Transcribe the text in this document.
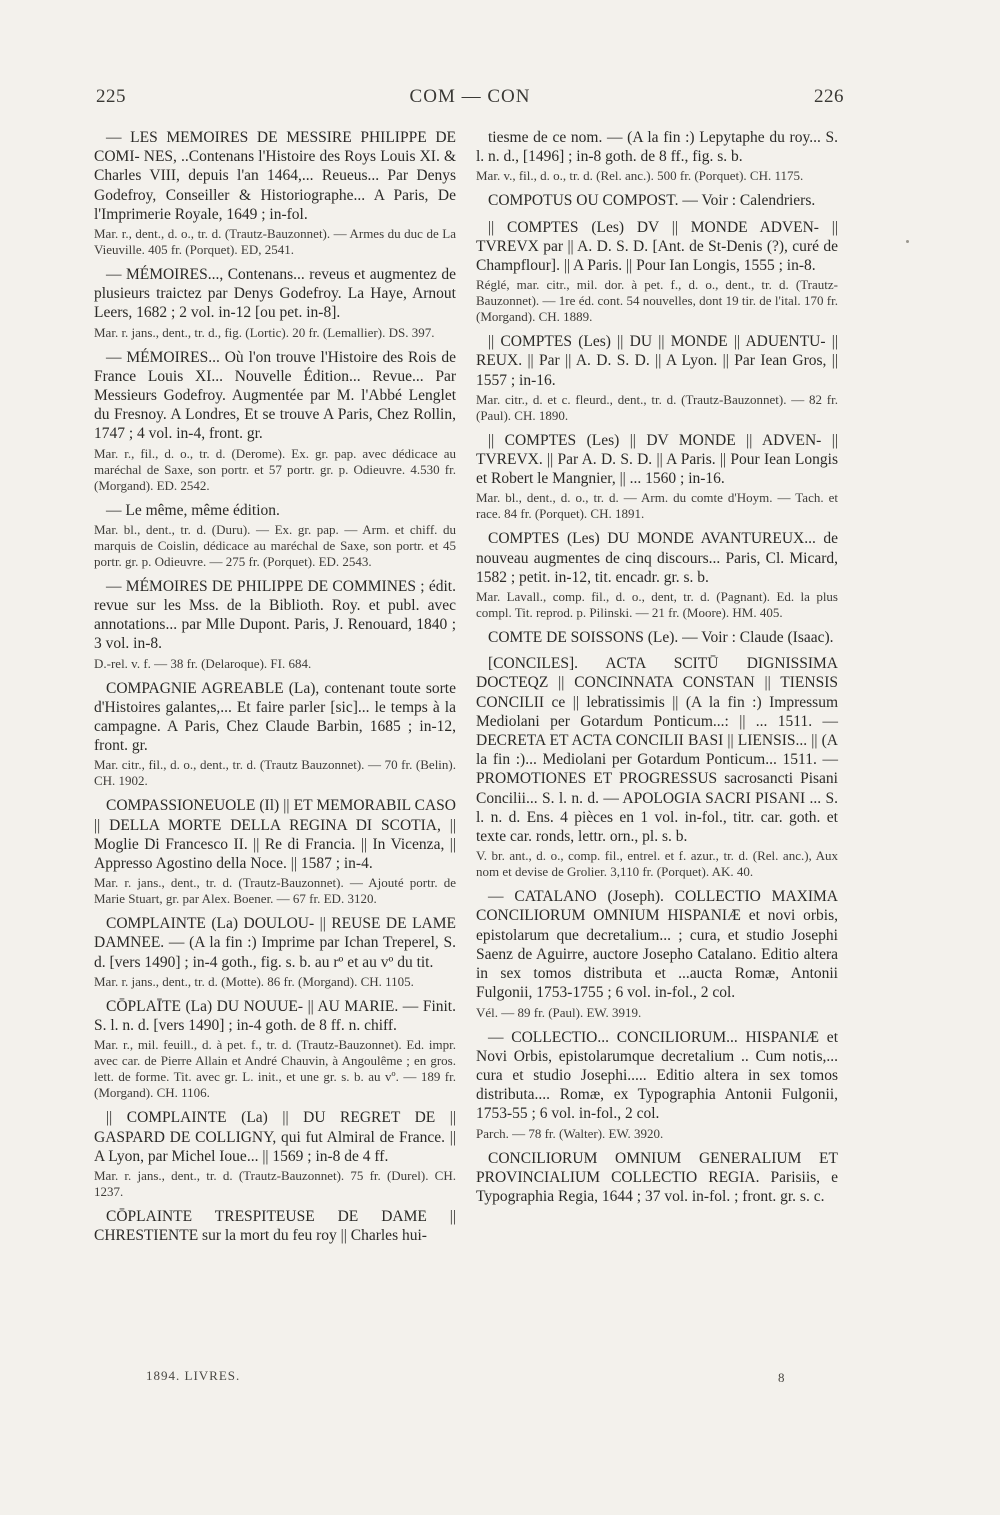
225	COM — CON	226

— LES MEMOIRES DE MESSIRE PHILIPPE DE COMI- NES, ..Contenans l'Histoire des Roys Louis XI. & Charles VIII, depuis l'an 1464,... Reueus... Par Denys Godefroy, Conseiller & Historiographe... A Paris, De l'Imprimerie Royale, 1649 ; in-fol.
Mar. r., dent., d. o., tr. d. (Trautz-Bauzonnet). — Armes du duc de La Vieuville. 405 fr. (Porquet). ED, 2541.

— MÉMOIRES..., Contenans... reveus et augmentez de plusieurs traictez par Denys Godefroy. La Haye, Arnout Leers, 1682 ; 2 vol. in-12 [ou pet. in-8].
Mar. r. jans., dent., tr. d., fig. (Lortic). 20 fr. (Lemallier). DS. 397.

— MÉMOIRES... Où l'on trouve l'Histoire des Rois de France Louis XI... Nouvelle Édition... Revue... Par Messieurs Godefroy. Augmentée par M. l'Abbé Lenglet du Fresnoy. A Londres, Et se trouve A Paris, Chez Rollin, 1747 ; 4 vol. in-4, front. gr.
Mar. r., fil., d. o., tr. d. (Derome). Ex. gr. pap. avec dédicace au maréchal de Saxe, son portr. et 57 portr. gr. p. Odieuvre. 4.530 fr. (Morgand). ED. 2542.

— Le même, même édition.
Mar. bl., dent., tr. d. (Duru). — Ex. gr. pap. — Arm. et chiff. du marquis de Coislin, dédicace au maréchal de Saxe, son portr. et 45 portr. gr. p. Odieuvre. — 275 fr. (Porquet). ED. 2543.

— MÉMOIRES DE PHILIPPE DE COMMINES ; édit. revue sur les Mss. de la Biblioth. Roy. et publ. avec annotations... par Mlle Dupont. Paris, J. Renouard, 1840 ; 3 vol. in-8.
D.-rel. v. f. — 38 fr. (Delaroque). FI. 684.

COMPAGNIE AGREABLE (La), contenant toute sorte d'Histoires galantes,... Et faire parler [sic]... le temps à la campagne. A Paris, Chez Claude Barbin, 1685 ; in-12, front. gr.
Mar. citr., fil., d. o., dent., tr. d. (Trautz Bauzonnet). — 70 fr. (Belin). CH. 1902.

COMPASSIONEUOLE (Il) || ET MEMORABIL CASO || DELLA MORTE DELLA REGINA DI SCOTIA, || Moglie Di Francesco II. || Re di Francia. || In Vicenza, || Appresso Agostino della Noce. || 1587 ; in-4.
Mar. r. jans., dent., tr. d. (Trautz-Bauzonnet). — Ajouté portr. de Marie Stuart, gr. par Alex. Boener. — 67 fr. ED. 3120.

COMPLAINTE (La) DOULOU- || REUSE DE LAME DAMNEE. — (A la fin :) Imprime par Ichan Treperel, S. d. [vers 1490] ; in-4 goth., fig. s. b. au rº et au vº du tit.
Mar. r. jans., dent., tr. d. (Motte). 86 fr. (Morgand). CH. 1105.

CŌPLAĪTE (La) DU NOUUE- || AU MARIE. — Finit. S. l. n. d. [vers 1490] ; in-4 goth. de 8 ff. n. chiff.
Mar. r., mil. feuill., d. à pet. f., tr. d. (Trautz-Bauzonnet). Ed. impr. avec car. de Pierre Allain et André Chauvin, à Angoulême ; en gros. lett. de forme. Tit. avec gr. L. init., et une gr. s. b. au vº. — 189 fr. (Morgand). CH. 1106.

|| COMPLAINTE (La) || DU REGRET DE || GASPARD DE COLLIGNY, qui fut Almiral de France. || A Lyon, par Michel Ioue... || 1569 ; in-8 de 4 ff.
Mar. r. jans., dent., tr. d. (Trautz-Bauzonnet). 75 fr. (Durel). CH. 1237.

CŌPLAINTE TRESPITEUSE DE DAME || CHRESTIENTE sur la mort du feu roy || Charles hui-

tiesme de ce nom. — (A la fin :) Lepytaphe du roy... S. l. n. d., [1496] ; in-8 goth. de 8 ff., fig. s. b.
Mar. v., fil., d. o., tr. d. (Rel. anc.). 500 fr. (Porquet). CH. 1175.

COMPOTUS OU COMPOST. — Voir : Calendriers.

|| COMPTES (Les) DV || MONDE ADVEN- || TVREVX par || A. D. S. D. [Ant. de St-Denis (?), curé de Champflour]. || A Paris. || Pour Ian Longis, 1555 ; in-8.
Réglé, mar. citr., mil. dor. à pet. f., d. o., dent., tr. d. (Trautz-Bauzonnet). — 1re éd. cont. 54 nouvelles, dont 19 tir. de l'ital. 170 fr. (Morgand). CH. 1889.

|| COMPTES (Les) || DU || MONDE || ADUENTU- || REUX. || Par || A. D. S. D. || A Lyon. || Par Iean Gros, || 1557 ; in-16.
Mar. citr., d. et c. fleurd., dent., tr. d. (Trautz-Bauzonnet). — 82 fr. (Paul). CH. 1890.

|| COMPTES (Les) || DV MONDE || ADVEN- || TVREVX. || Par A. D. S. D. || A Paris. || Pour Iean Longis et Robert le Mangnier, || ... 1560 ; in-16.
Mar. bl., dent., d. o., tr. d. — Arm. du comte d'Hoym. — Tach. et race. 84 fr. (Porquet). CH. 1891.

COMPTES (Les) DU MONDE AVANTUREUX... de nouveau augmentes de cinq discours... Paris, Cl. Micard, 1582 ; petit. in-12, tit. encadr. gr. s. b.
Mar. Lavall., comp. fil., d. o., dent, tr. d. (Pagnant). Ed. la plus compl. Tit. reprod. p. Pilinski. — 21 fr. (Moore). HM. 405.

COMTE DE SOISSONS (Le). — Voir : Claude (Isaac).

[CONCILES]. ACTA SCITŪ DIGNISSIMA DOCTEQZ || CONCINNATA CONSTAN || TIENSIS CONCILII ce || lebratissimis || (A la fin :) Impressum Mediolani per Gotardum Ponticum...: || ... 1511. — DECRETA ET ACTA CONCILII BASI || LIENSIS... || (A la fin :)... Mediolani per Gotardum Ponticum... 1511. — PROMOTIONES ET PROGRESSUS sacrosancti Pisani Concilii... S. l. n. d. — APOLOGIA SACRI PISANI ... S. l. n. d. Ens. 4 pièces en 1 vol. in-fol., titr. car. goth. et texte car. ronds, lettr. orn., pl. s. b.
V. br. ant., d. o., comp. fil., entrel. et f. azur., tr. d. (Rel. anc.), Aux nom et devise de Grolier. 3,110 fr. (Porquet). AK. 40.

— CATALANO (Joseph). COLLECTIO MAXIMA CONCILIORUM OMNIUM HISPANIÆ et novi orbis, epistolarum que decretalium... ; cura, et studio Josephi Saenz de Aguirre, auctore Josepho Catalano. Editio altera in sex tomos distributa et ...aucta Romæ, Antonii Fulgonii, 1753-1755 ; 6 vol. in-fol., 2 col.
Vél. — 89 fr. (Paul). EW. 3919.

— COLLECTIO... CONCILIORUM... HISPANIÆ et Novi Orbis, epistolarumque decretalium .. Cum notis,... cura et studio Josephi..... Editio altera in sex tomos distributa.... Romæ, ex Typographia Antonii Fulgonii, 1753-55 ; 6 vol. in-fol., 2 col.
Parch. — 78 fr. (Walter). EW. 3920.

CONCILIORUM OMNIUM GENERALIUM ET PROVINCIALIUM COLLECTIO REGIA. Parisiis, e Typographia Regia, 1644 ; 37 vol. in-fol. ; front. gr. s. c.

1894. LIVRES.	8
